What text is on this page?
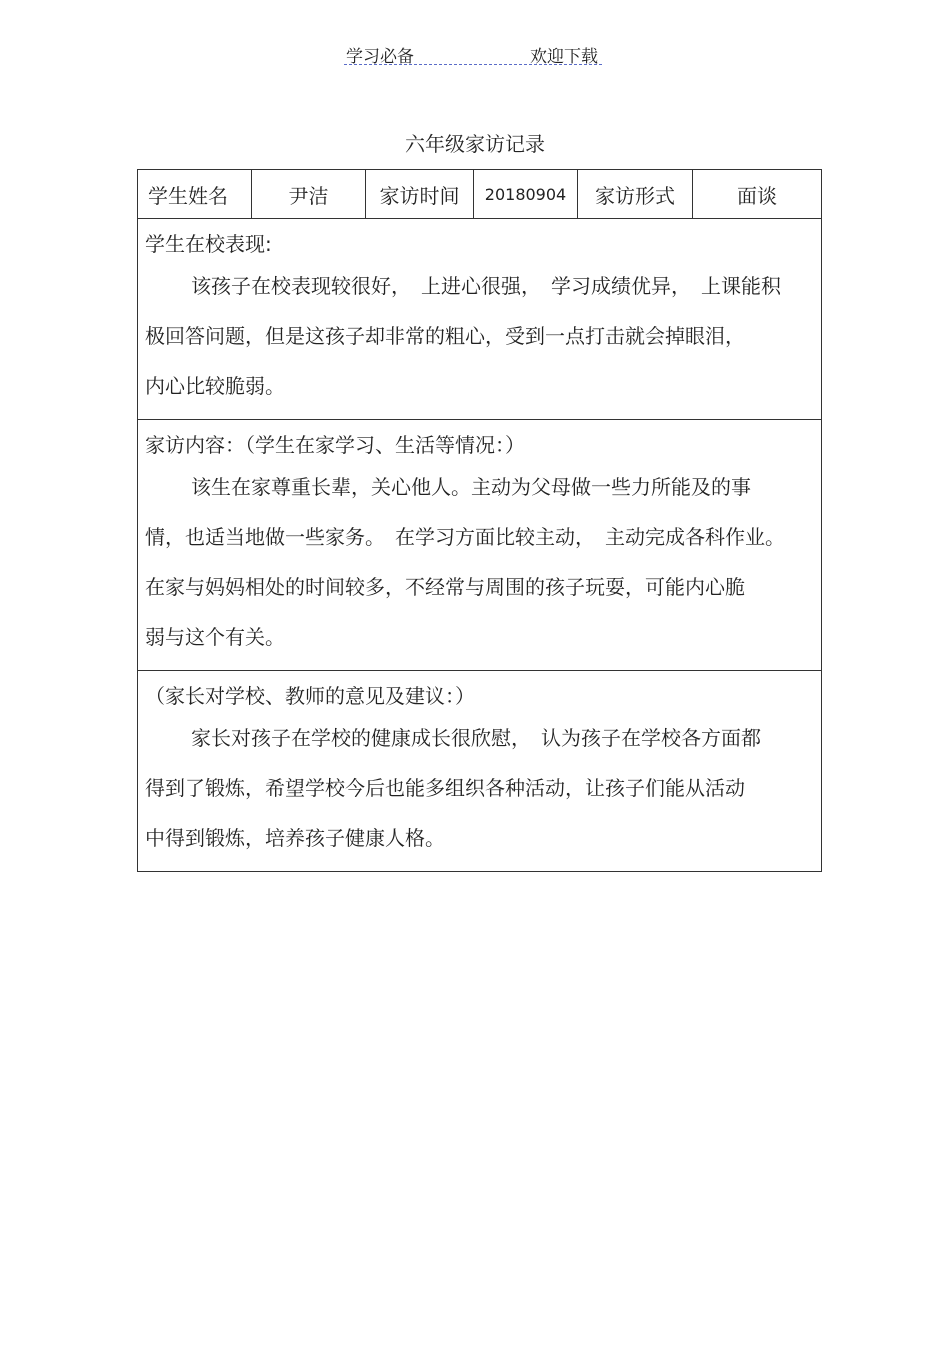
学习必备	欢迎下载
六年级家访记录
学生姓名	尹洁	家访时间	20180904	家访形式	面谈

学生在校表现:

该孩子在校表现较很好，　上进心很强，　学习成绩优异，　上课能积

极回答问题，但是这孩子却非常的粗心，受到一点打击就会掉眼泪，

内心比较脆弱。

家访内容：（学生在家学习、生活等情况：）

该生在家尊重长辈，关心他人。主动为父母做一些力所能及的事

情，也适当地做一些家务。　在学习方面比较主动，　主动完成各科作业。

在家与妈妈相处的时间较多，不经常与周围的孩子玩耍，可能内心脆

弱与这个有关。

（家长对学校、教师的意见及建议：）

家长对孩子在学校的健康成长很欣慰，　认为孩子在学校各方面都

得到了锻炼，希望学校今后也能多组织各种活动，让孩子们能从活动

中得到锻炼，培养孩子健康人格。
